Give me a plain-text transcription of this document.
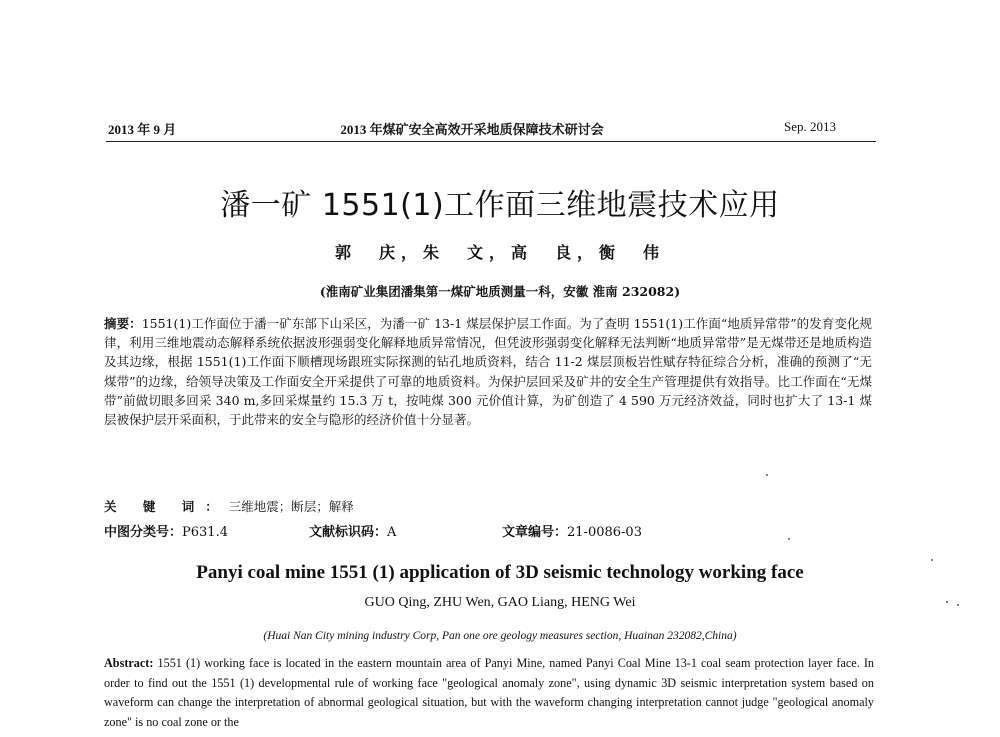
2013 年 9 月	2013 年煤矿安全高效开采地质保障技术研讨会	Sep. 2013
潘一矿 1551(1)工作面三维地震技术应用
郭　庆，朱　文，高　良，衡　伟
(淮南矿业集团潘集第一煤矿地质测量一科，安徽 淮南 232082)
摘要：1551(1)工作面位于潘一矿东部下山采区，为潘一矿 13-1 煤层保护层工作面。为了查明 1551(1)工作面“地质异常带”的发育变化规律，利用三维地震动态解释系统依据波形强弱变化解释地质异常情况，但凭波形强弱变化解释无法判断“地质异常带”是无煤带还是地质构造及其边缘，根据 1551(1)工作面下顺槽现场跟班实际探测的钻孔地质资料，结合 11-2 煤层顶板岩性赋存特征综合分析，准确的预测了“无煤带”的边缘，给领导决策及工作面安全开采提供了可靠的地质资料。为保护层回采及矿井的安全生产管理提供有效指导。比工作面在“无煤带”前做切眼多回采 340 m,多回采煤量约 15.3 万 t，按吨煤 300 元价值计算，为矿创造了 4 590 万元经济效益，同时也扩大了 13-1 煤层被保护层开采面积，于此带来的安全与隐形的经济价值十分显著。
关 键 词：三维地震；断层；解释
中图分类号：P631.4	文献标识码：A	文章编号：21-0086-03
Panyi coal mine 1551 (1) application of 3D seismic technology working face
GUO Qing, ZHU Wen, GAO Liang, HENG Wei
(Huai Nan City mining industry Corp, Pan one ore geology measures section, Huainan 232082,China)
Abstract: 1551 (1) working face is located in the eastern mountain area of Panyi Mine, named Panyi Coal Mine 13-1 coal seam protection layer face. In order to find out the 1551 (1) developmental rule of working face "geological anomaly zone", using dynamic 3D seismic interpretation system based on waveform can change the interpretation of abnormal geological situation, but with the waveform changing interpretation cannot judge "geological anomaly zone" is no coal zone or the
